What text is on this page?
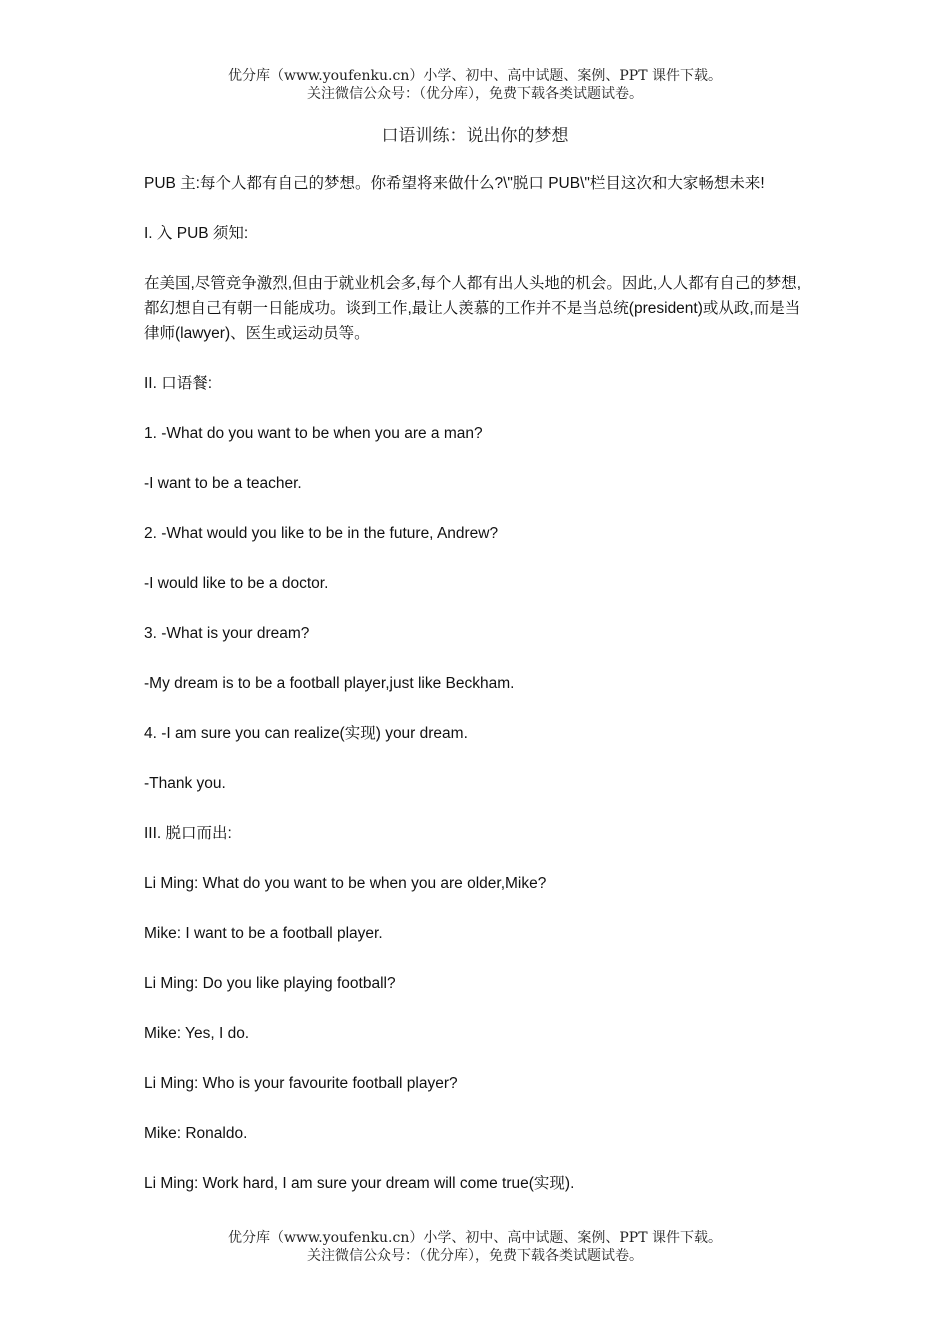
优分库（www.youfenku.cn）小学、初中、高中试题、案例、PPT 课件下载。
关注微信公众号：（优分库），免费下载各类试题试卷。
口语训练：说出你的梦想

PUB 主:每个人都有自己的梦想。你希望将来做什么?\"脱口 PUB\"栏目这次和大家畅想未来!

I. 入 PUB 须知:

在美国,尽管竞争激烈,但由于就业机会多,每个人都有出人头地的机会。因此,人人都有自己的梦想,都幻想自己有朝一日能成功。谈到工作,最让人羡慕的工作并不是当总统(president)或从政,而是当律师(lawyer)、医生或运动员等。

II. 口语餐:

1. -What do you want to be when you are a man?

-I want to be a teacher.

2. -What would you like to be in the future, Andrew?

-I would like to be a doctor.

3. -What is your dream?

-My dream is to be a football player,just like Beckham.

4. -I am sure you can realize(实现) your dream.

-Thank you.

III. 脱口而出:

Li Ming: What do you want to be when you are older,Mike?

Mike: I want to be a football player.

Li Ming: Do you like playing football?

Mike: Yes, I do.

Li Ming: Who is your favourite football player?

Mike: Ronaldo.

Li Ming: Work hard, I am sure your dream will come true(实现).

优分库（www.youfenku.cn）小学、初中、高中试题、案例、PPT 课件下载。
关注微信公众号：（优分库），免费下载各类试题试卷。
